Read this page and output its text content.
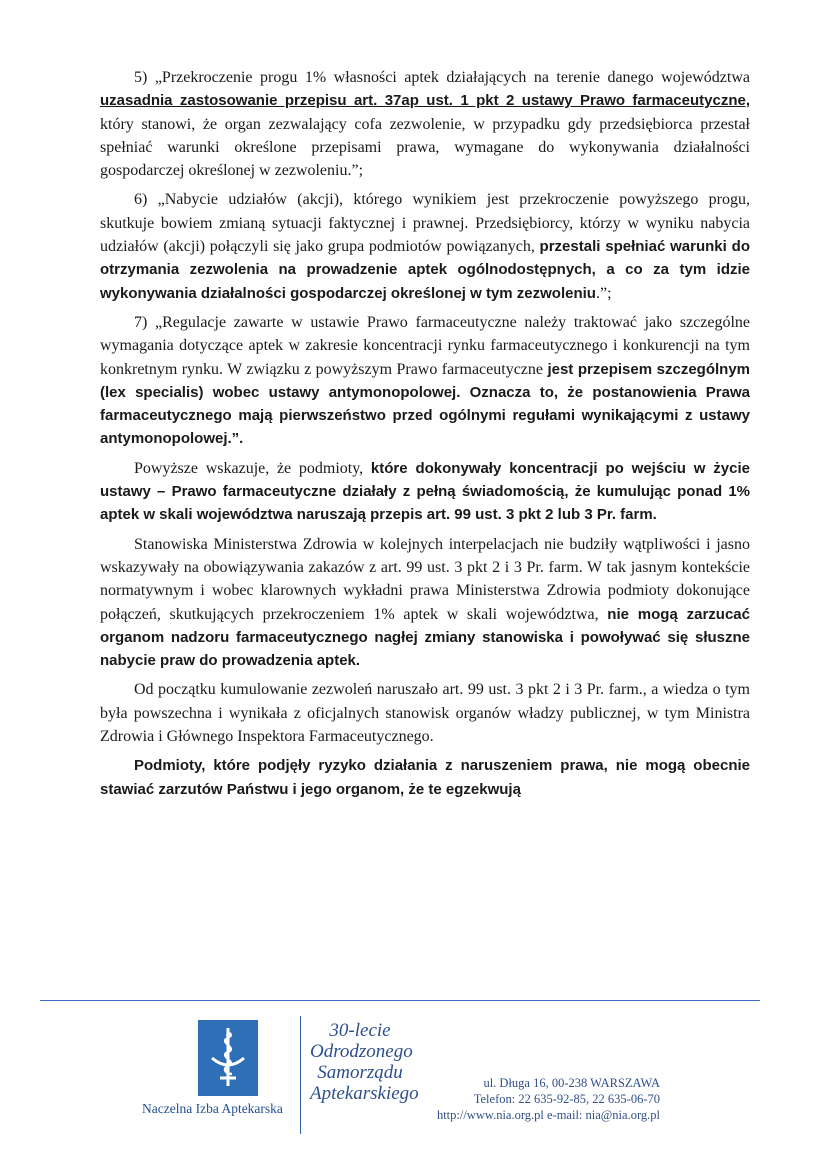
5) „Przekroczenie progu 1% własności aptek działających na terenie danego województwa uzasadnia zastosowanie przepisu art. 37ap ust. 1 pkt 2 ustawy Prawo farmaceutyczne, który stanowi, że organ zezwalający cofa zezwolenie, w przypadku gdy przedsiębiorca przestał spełniać warunki określone przepisami prawa, wymagane do wykonywania działalności gospodarczej określonej w zezwoleniu.”;

6) „Nabycie udziałów (akcji), którego wynikiem jest przekroczenie powyższego progu, skutkuje bowiem zmianą sytuacji faktycznej i prawnej. Przedsiębiorcy, którzy w wyniku nabycia udziałów (akcji) połączyli się jako grupa podmiotów powiązanych, przestali spełniać warunki do otrzymania zezwolenia na prowadzenie aptek ogólnodostępnych, a co za tym idzie wykonywania działalności gospodarczej określonej w tym zezwoleniu.”;

7) „Regulacje zawarte w ustawie Prawo farmaceutyczne należy traktować jako szczególne wymagania dotyczące aptek w zakresie koncentracji rynku farmaceutycznego i konkurencji na tym konkretnym rynku. W związku z powyższym Prawo farmaceutyczne jest przepisem szczególnym (lex specialis) wobec ustawy antymonopolowej. Oznacza to, że postanowienia Prawa farmaceutycznego mają pierwszeństwo przed ogólnymi regułami wynikającymi z ustawy antymonopolowej.”.

Powyższe wskazuje, że podmioty, które dokonywały koncentracji po wejściu w życie ustawy – Prawo farmaceutyczne działały z pełną świadomością, że kumulując ponad 1% aptek w skali województwa naruszają przepis art. 99 ust. 3 pkt 2 lub 3 Pr. farm.

Stanowiska Ministerstwa Zdrowia w kolejnych interpelacjach nie budziły wątpliwości i jasno wskazywały na obowiązywania zakazów z art. 99 ust. 3 pkt 2 i 3 Pr. farm. W tak jasnym kontekście normatywnym i wobec klarownych wykładni prawa Ministerstwa Zdrowia podmioty dokonujące połączeń, skutkujących przekroczeniem 1% aptek w skali województwa, nie mogą zarzucać organom nadzoru farmaceutycznego nagłej zmiany stanowiska i powoływać się słuszne nabycie praw do prowadzenia aptek.

Od początku kumulowanie zezwoleń naruszało art. 99 ust. 3 pkt 2 i 3 Pr. farm., a wiedza o tym była powszechna i wynikała z oficjalnych stanowisk organów władzy publicznej, w tym Ministra Zdrowia i Głównego Inspektora Farmaceutycznego.

Podmioty, które podjęły ryzyko działania z naruszeniem prawa, nie mogą obecnie stawiać zarzutów Państwu i jego organom, że te egzekwują

Naczelna Izba Aptekarska
30-lecie
Odrodzonego
Samorządu
Aptekarskiego	ul. Długa 16, 00-238 WARSZAWA
Telefon: 22 635-92-85, 22 635-06-70
http://www.nia.org.pl e-mail: nia@nia.org.pl
